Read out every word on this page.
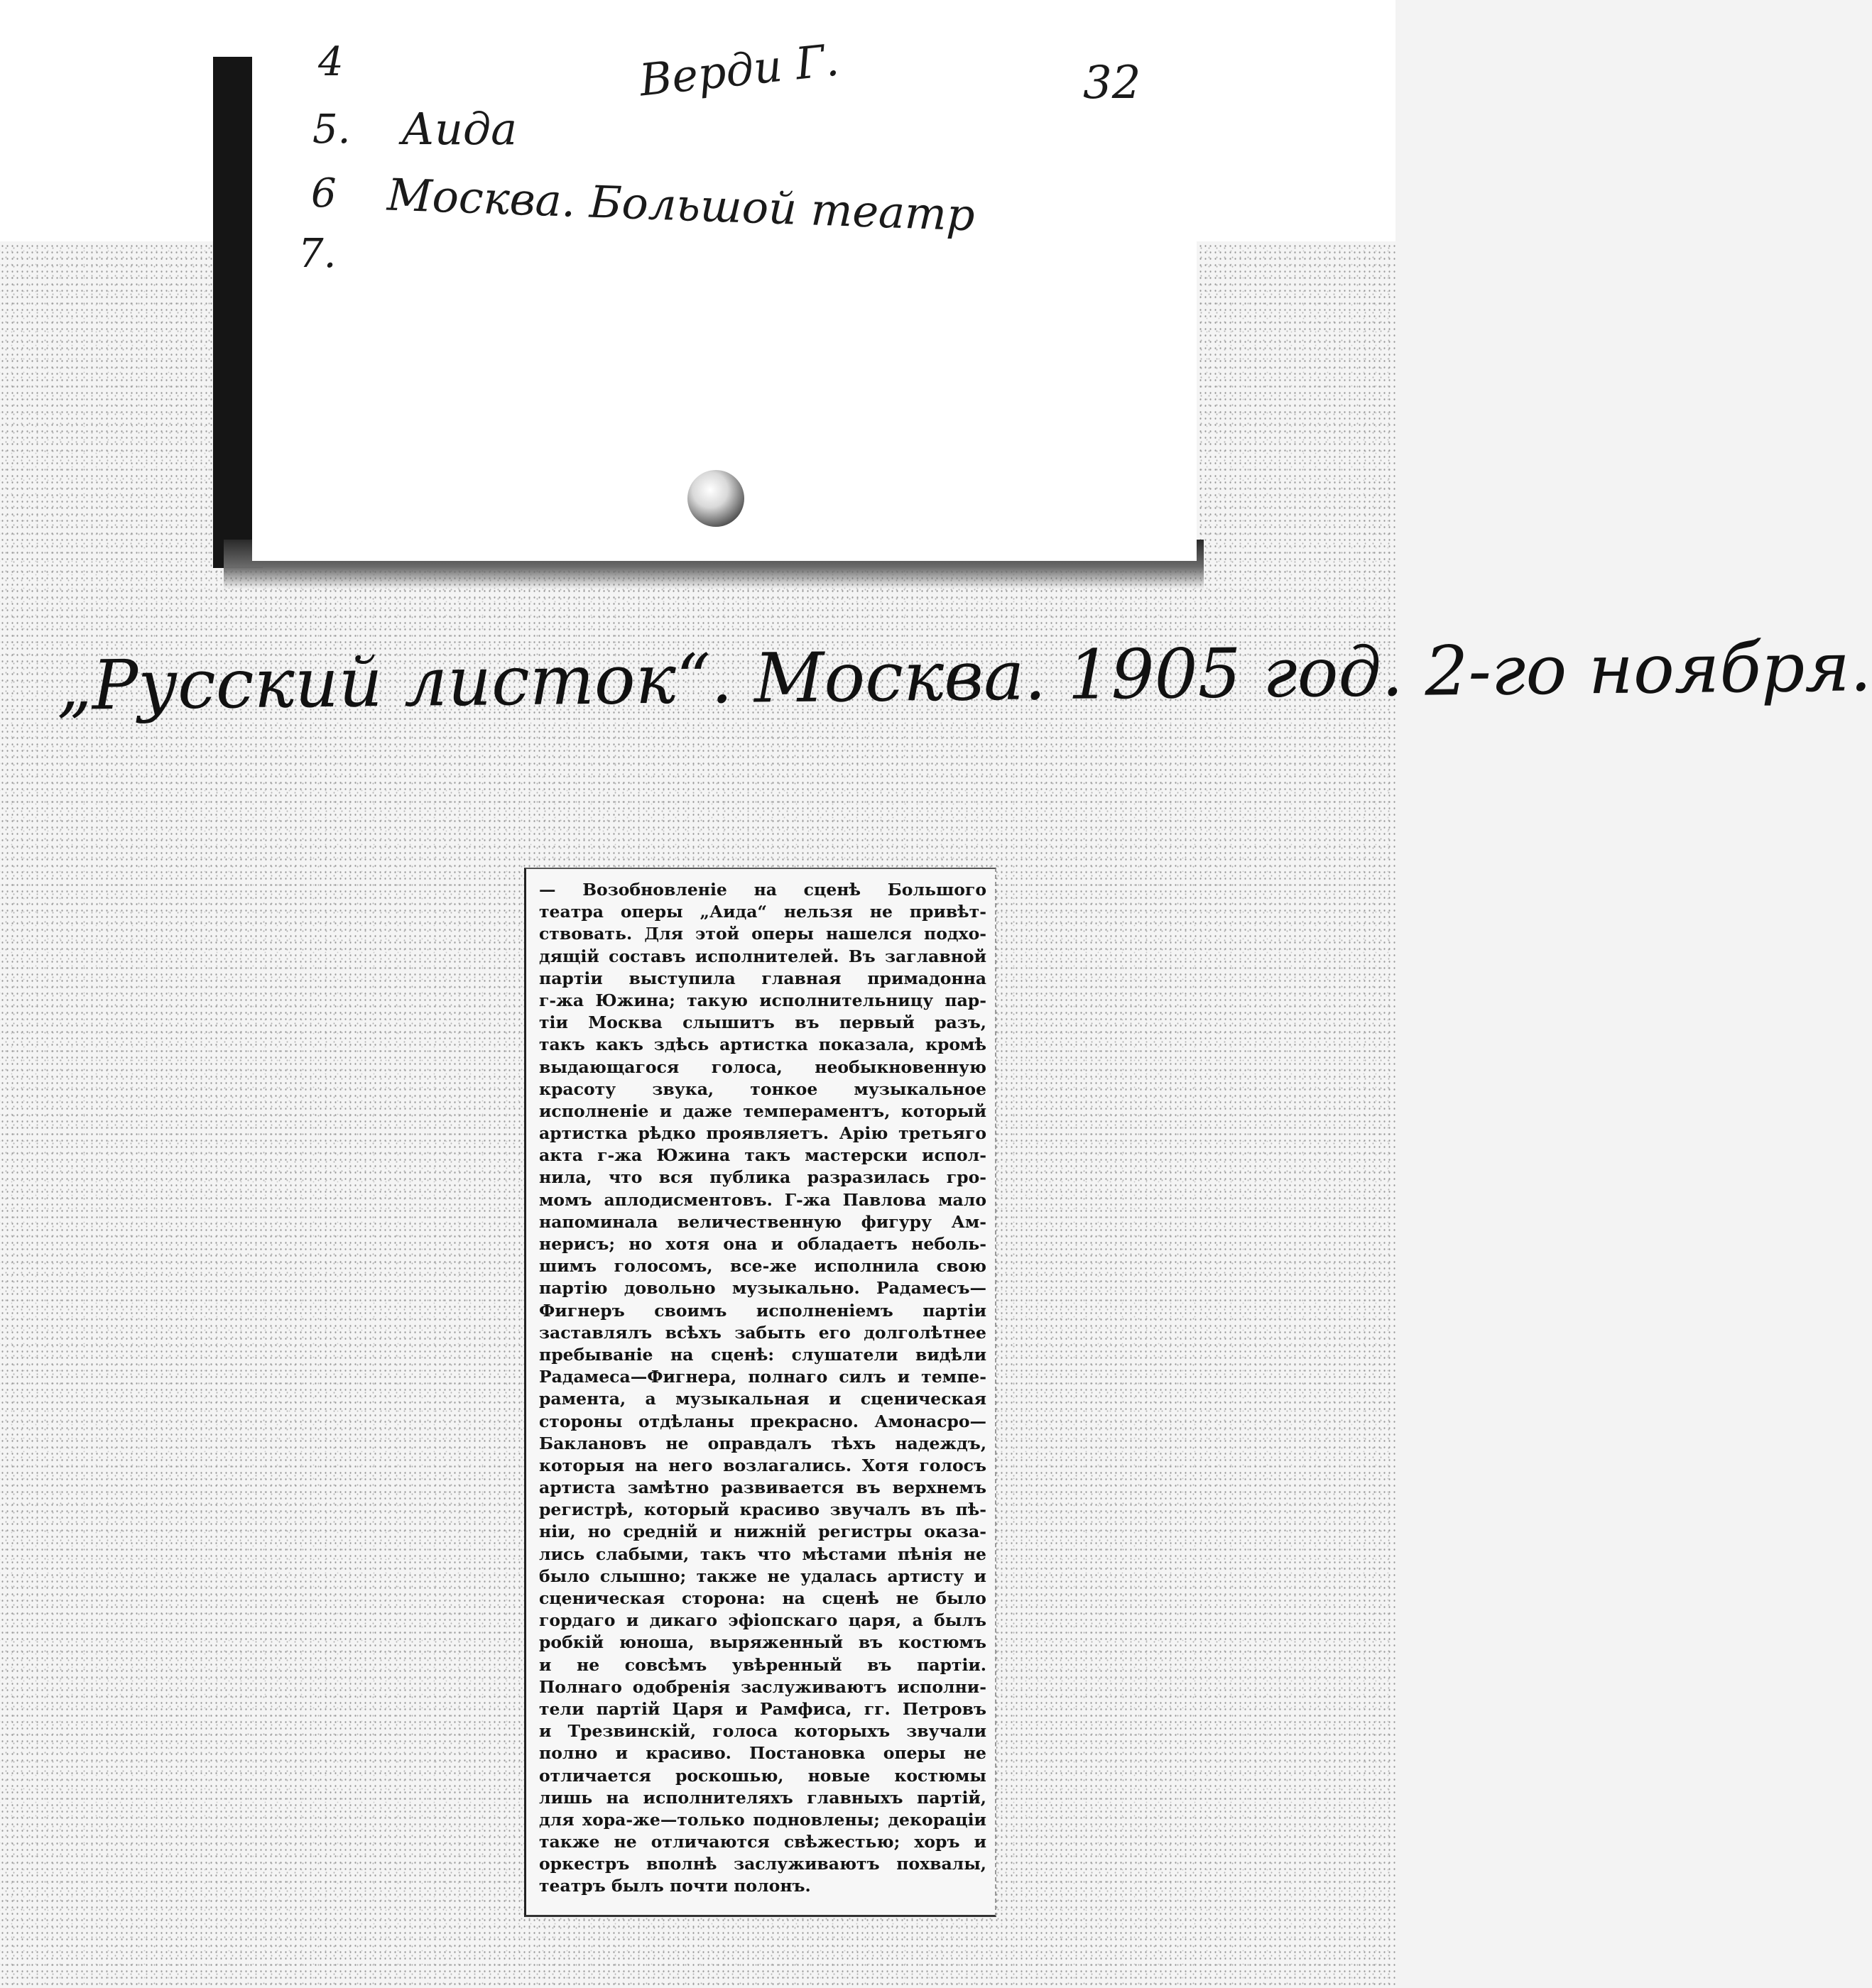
4
5.
6
7.
Верди Г.
Аида
Москва. Большой театр
32
„Русский листок“. Москва. 1905 год. 2-го ноября.
— Возобновленіе на сценѣ Большого
театра оперы „Аида“ нельзя не привѣт-
ствовать. Для этой оперы нашелся подхо-
дящій составъ исполнителей. Въ заглавной
партіи выступила главная примадонна
г-жа Южина; такую исполнительницу пар-
тіи Москва слышитъ въ первый разъ,
такъ какъ здѣсь артистка показала, кромѣ
выдающагося голоса, необыкновенную
красоту звука, тонкое музыкальное
исполненіе и даже темпераментъ, который
артистка рѣдко проявляетъ. Арію третьяго
акта г-жа Южина такъ мастерски испол-
нила, что вся публика разразилась гро-
момъ аплодисментовъ. Г-жа Павлова мало
напоминала величественную фигуру Ам-
нерисъ; но хотя она и обладаетъ неболь-
шимъ голосомъ, все-же исполнила свою
партію довольно музыкально. Радамесъ—
Фигнеръ своимъ исполненіемъ партіи
заставлялъ всѣхъ забыть его долголѣтнее
пребываніе на сценѣ: слушатели видѣли
Радамеса—Фигнера, полнаго силъ и темпе-
рамента, а музыкальная и сценическая
стороны отдѣланы прекрасно. Амонасро—
Баклановъ не оправдалъ тѣхъ надеждъ,
которыя на него возлагались. Хотя голосъ
артиста замѣтно развивается въ верхнемъ
регистрѣ, который красиво звучалъ въ пѣ-
ніи, но средній и нижній регистры оказа-
лись слабыми, такъ что мѣстами пѣнія не
было слышно; также не удалась артисту и
сценическая сторона: на сценѣ не было
гордаго и дикаго эфіопскаго царя, а былъ
робкій юноша, выряженный въ костюмъ
и не совсѣмъ увѣренный въ партіи.
Полнаго одобренія заслуживаютъ исполни-
тели партій Царя и Рамфиса, гг. Петровъ
и Трезвинскій, голоса которыхъ звучали
полно и красиво. Постановка оперы не
отличается роскошью, новые костюмы
лишь на исполнителяхъ главныхъ партій,
для хора-же—только подновлены; декораціи
также не отличаются свѣжестью; хоръ и
оркестръ вполнѣ заслуживаютъ похвалы,
театръ былъ почти полонъ.
